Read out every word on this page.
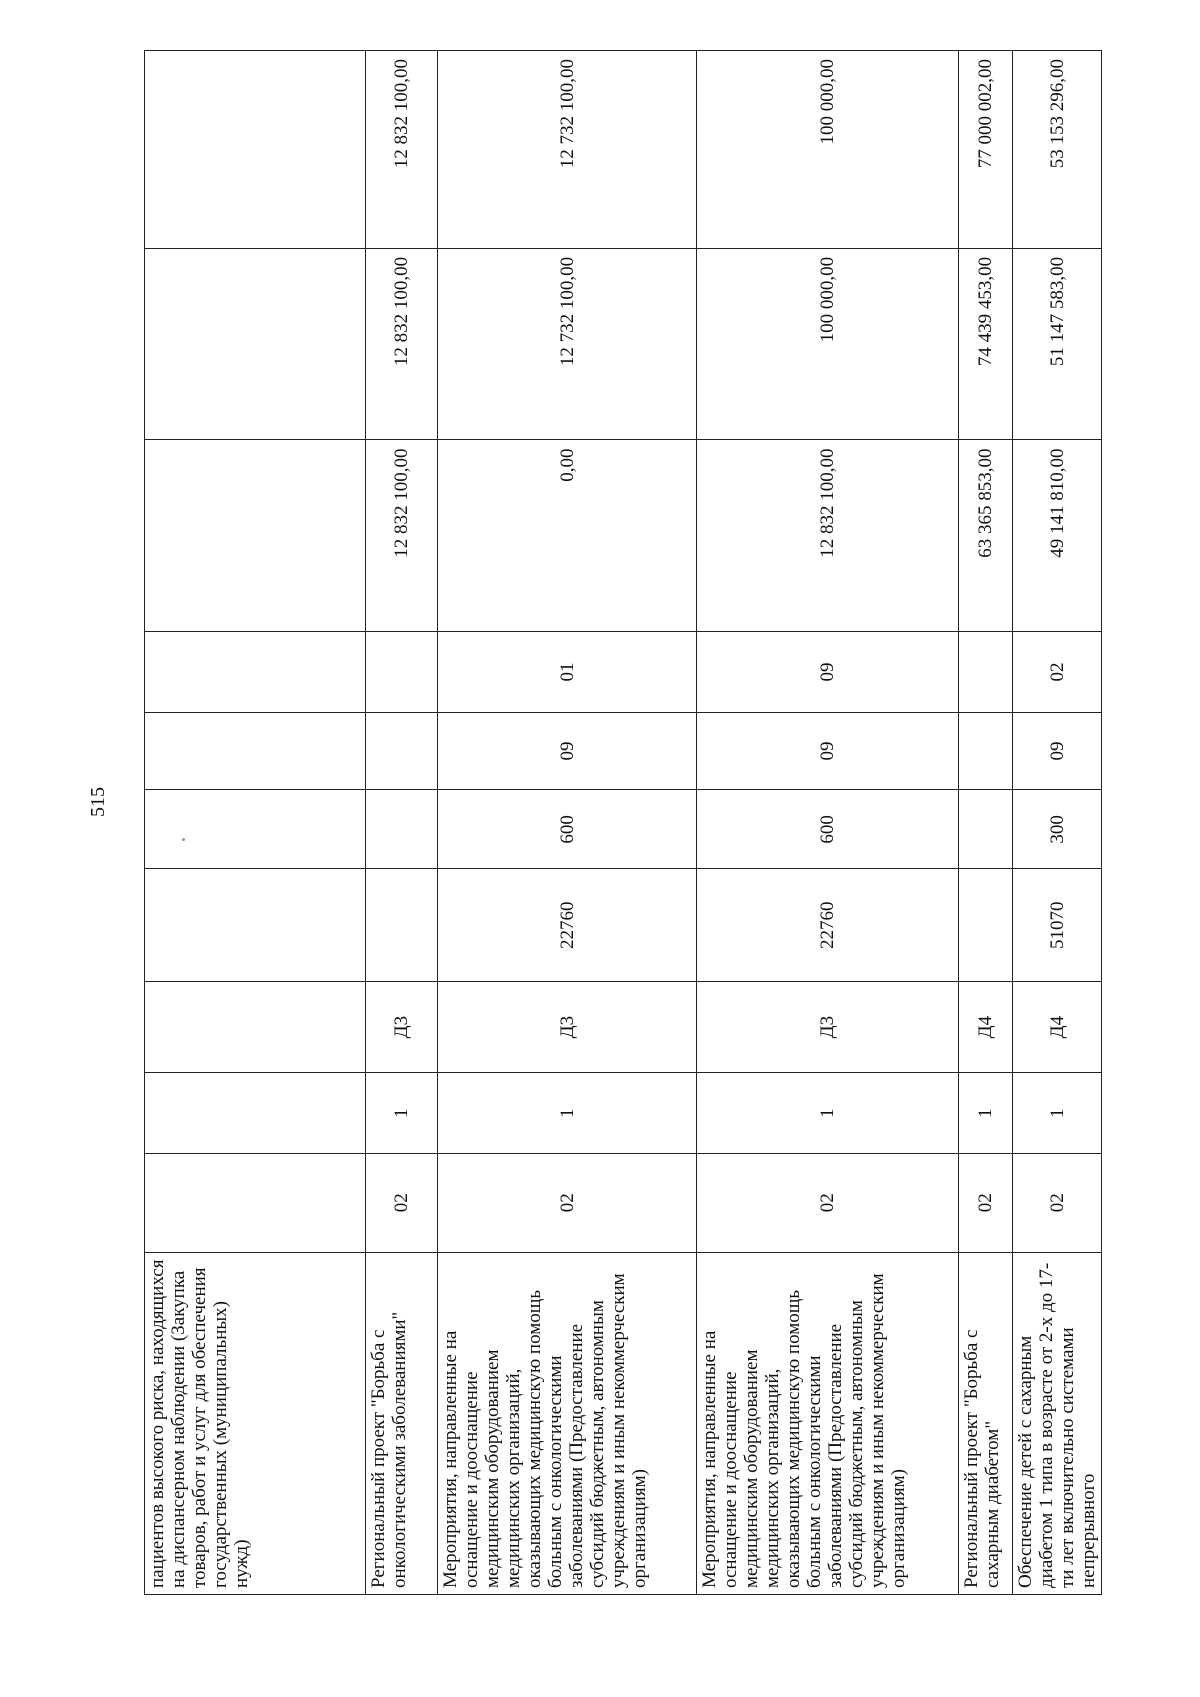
515
пациентов высокого риска, находящихся на диспансерном наблюдении (Закупка товаров, работ и услуг для обеспечения государственных (муниципальных) нужд)										
Региональный проект "Борьба с онкологическими заболеваниями"	02	1	Д3					12 832 100,00	12 832 100,00	12 832 100,00
Мероприятия, направленные на оснащение и дооснащение медицинским оборудованием медицинских организаций, оказывающих медицинскую помощь больным с онкологическими заболеваниями (Предоставление субсидий бюджетным, автономным учреждениям и иным некоммерческим организациям)	02	1	Д3	22760	600	09	01	0,00	12 732 100,00	12 732 100,00
Мероприятия, направленные на оснащение и дооснащение медицинским оборудованием медицинских организаций, оказывающих медицинскую помощь больным с онкологическими заболеваниями (Предоставление субсидий бюджетным, автономным учреждениям и иным некоммерческим организациям)	02	1	Д3	22760	600	09	09	12 832 100,00	100 000,00	100 000,00
Региональный проект "Борьба с сахарным диабетом"	02	1	Д4					63 365 853,00	74 439 453,00	77 000 002,00
Обеспечение детей с сахарным диабетом 1 типа в возрасте от 2-х до 17-ти лет включительно системами непрерывного	02	1	Д4	51070	300	09	02	49 141 810,00	51 147 583,00	53 153 296,00
